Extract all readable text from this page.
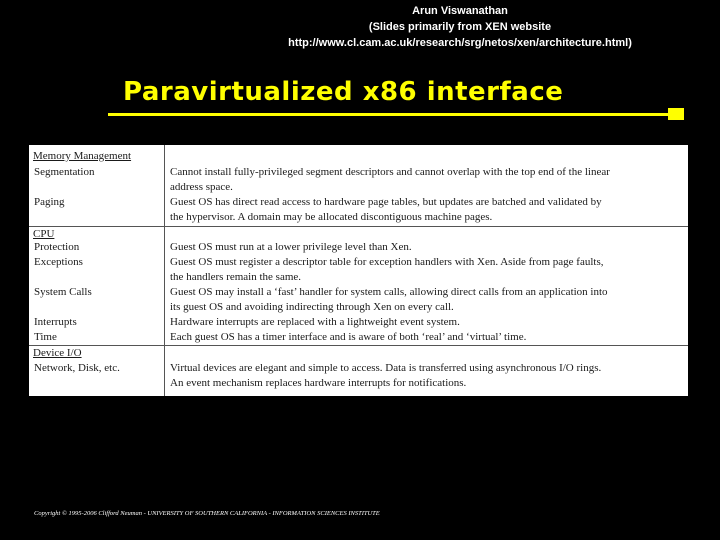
Arun Viswanathan
(Slides primarily from XEN website
http://www.cl.cam.ac.uk/research/srg/netos/xen/architecture.html)
Paravirtualized x86 interface
Memory Management
Segmentation	Cannot install fully-privileged segment descriptors and cannot overlap with the top end of the linear
address space.
Paging	Guest OS has direct read access to hardware page tables, but updates are batched and validated by
the hypervisor. A domain may be allocated discontiguous machine pages.
CPU
Protection	Guest OS must run at a lower privilege level than Xen.
Exceptions	Guest OS must register a descriptor table for exception handlers with Xen. Aside from page faults,
the handlers remain the same.
System Calls	Guest OS may install a ‘fast’ handler for system calls, allowing direct calls from an application into
its guest OS and avoiding indirecting through Xen on every call.
Interrupts	Hardware interrupts are replaced with a lightweight event system.
Time	Each guest OS has a timer interface and is aware of both ‘real’ and ‘virtual’ time.
Device I/O
Network, Disk, etc.	Virtual devices are elegant and simple to access. Data is transferred using asynchronous I/O rings.
An event mechanism replaces hardware interrupts for notifications.
Copyright © 1995-2006 Clifford Neuman - UNIVERSITY OF SOUTHERN CALIFORNIA - INFORMATION SCIENCES INSTITUTE
